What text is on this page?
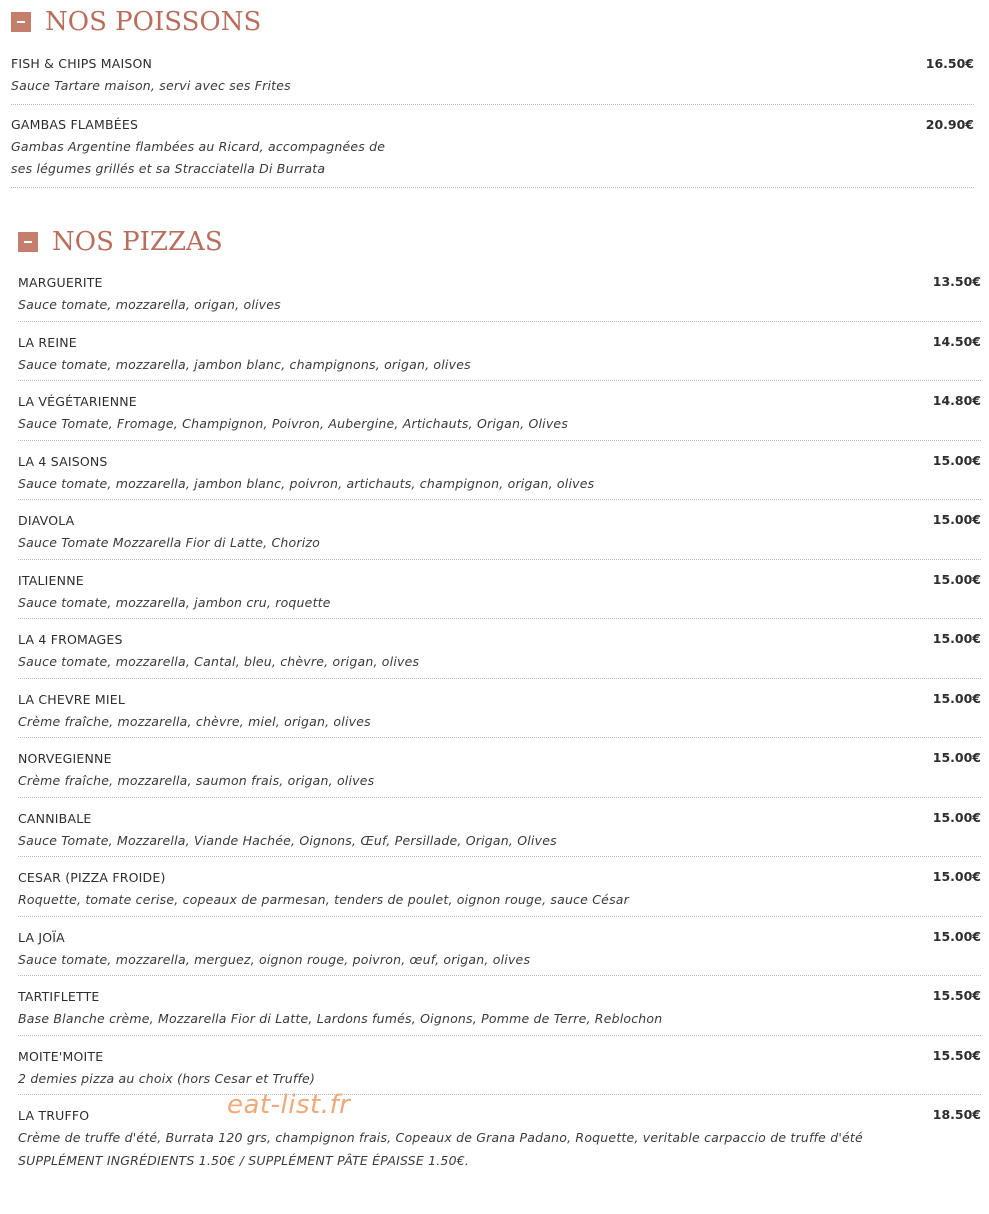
NOS POISSONS
FISH & CHIPS MAISON	16.50€
Sauce Tartare maison, servi avec ses Frites
GAMBAS FLAMBÉES	20.90€
Gambas Argentine flambées au Ricard, accompagnées de
ses légumes grillés et sa Stracciatella Di Burrata
NOS PIZZAS
MARGUERITE	13.50€
Sauce tomate, mozzarella, origan, olives
LA REINE	14.50€
Sauce tomate, mozzarella, jambon blanc, champignons, origan, olives
LA VÉGÉTARIENNE	14.80€
Sauce Tomate, Fromage, Champignon, Poivron, Aubergine, Artichauts, Origan, Olives
LA 4 SAISONS	15.00€
Sauce tomate, mozzarella, jambon blanc, poivron, artichauts, champignon, origan, olives
DIAVOLA	15.00€
Sauce Tomate Mozzarella Fior di Latte, Chorizo
ITALIENNE	15.00€
Sauce tomate, mozzarella, jambon cru, roquette
LA 4 FROMAGES	15.00€
Sauce tomate, mozzarella, Cantal, bleu, chèvre, origan, olives
LA CHEVRE MIEL	15.00€
Crème fraîche, mozzarella, chèvre, miel, origan, olives
NORVEGIENNE	15.00€
Crème fraîche, mozzarella, saumon frais, origan, olives
CANNIBALE	15.00€
Sauce Tomate, Mozzarella, Viande Hachée, Oignons, Œuf, Persillade, Origan, Olives
CESAR (PIZZA FROIDE)	15.00€
Roquette, tomate cerise, copeaux de parmesan, tenders de poulet, oignon rouge, sauce César
LA JOÏA	15.00€
Sauce tomate, mozzarella, merguez, oignon rouge, poivron, œuf, origan, olives
TARTIFLETTE	15.50€
Base Blanche crème, Mozzarella Fior di Latte, Lardons fumés, Oignons, Pomme de Terre, Reblochon
MOITE'MOITE	15.50€
2 demies pizza au choix (hors Cesar et Truffe)
LA TRUFFO	18.50€
Crème de truffe d'été, Burrata 120 grs, champignon frais, Copeaux de Grana Padano, Roquette, veritable carpaccio de truffe d'été
SUPPLÉMENT INGRÉDIENTS 1.50€ / SUPPLÉMENT PÂTE ÉPAISSE 1.50€.
eat-list.fr
